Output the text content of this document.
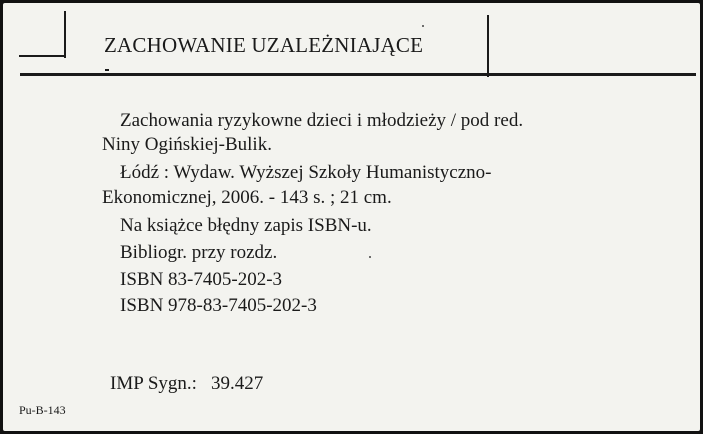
ZACHOWANIE UZALEŻNIAJĄCE
Zachowania ryzykowne dzieci i młodzieży / pod red.
Niny Ogińskiej-Bulik.
Łódź : Wydaw. Wyższej Szkoły Humanistyczno-
Ekonomicznej, 2006. - 143 s. ; 21 cm.
Na książce błędny zapis ISBN-u.
Bibliogr. przy rozdz.
ISBN 83-7405-202-3
ISBN 978-83-7405-202-3
IMP Sygn.: 39.427
Pu-B-143
